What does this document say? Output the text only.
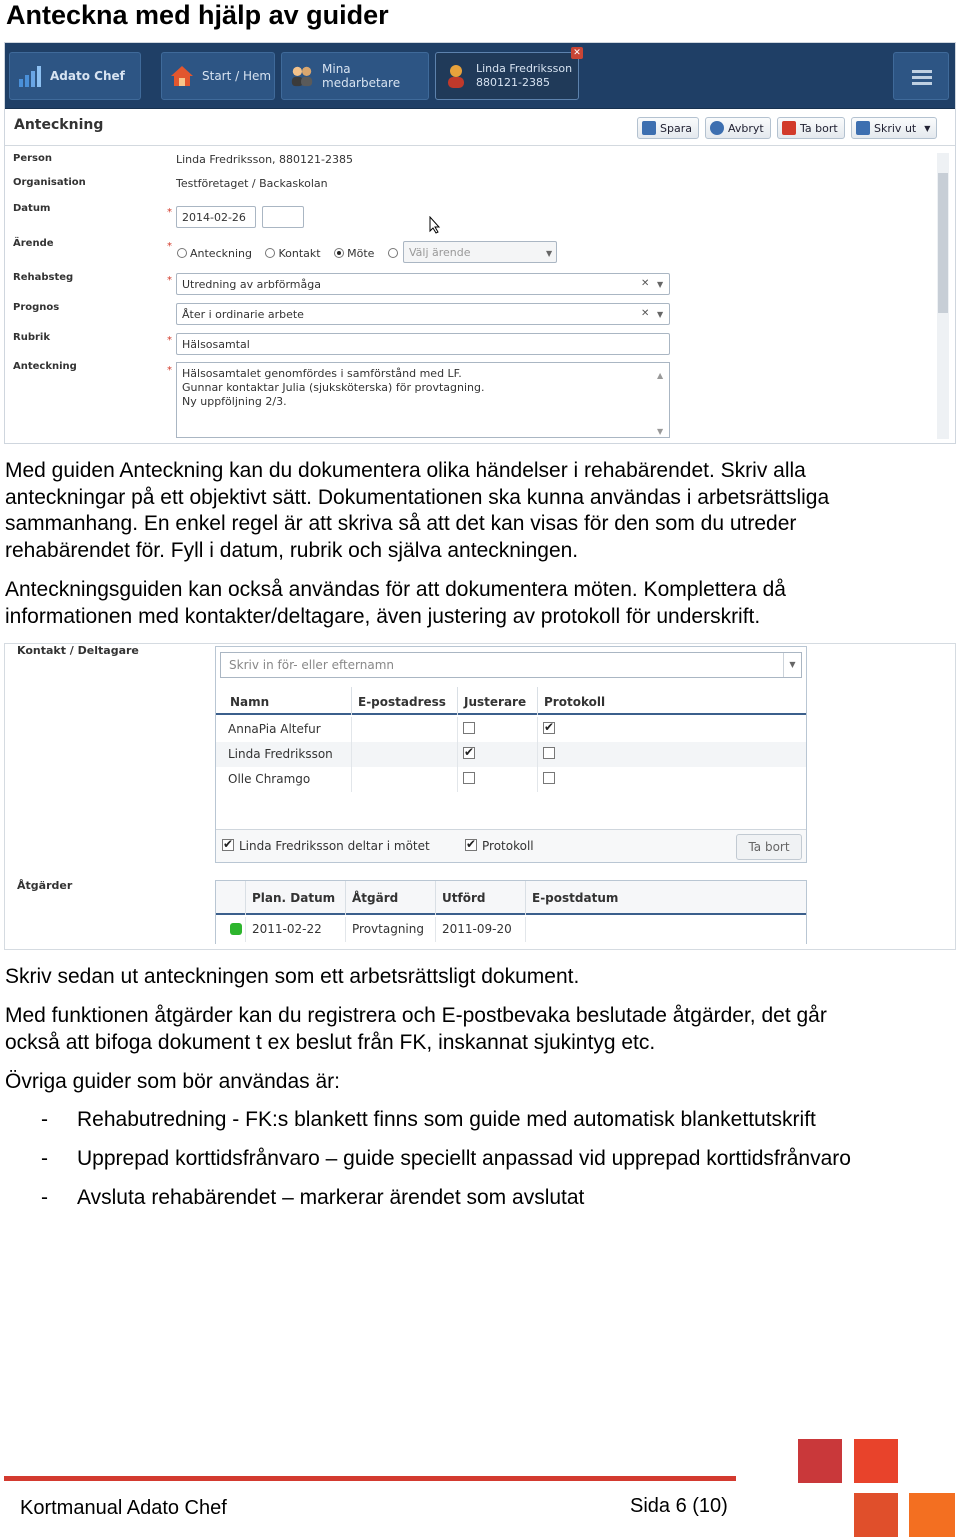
Anteckna med hjälp av guider
Adato Chef	Start / Hem	Mina medarbetare
Linda Fredriksson
880121-2385
✕
Anteckning	Spara	Avbryt	Ta bort	Skriv ut ▼
Person	Linda Fredriksson, 880121-2385
Organisation	Testföretaget / Backaskolan
Datum	* 2014-02-26
Ärende	*
Anteckning Kontakt Möte	Välj ärende	▼
Rehabsteg	* Utredning av arbförmåga	✕ ▼
Prognos
Åter i ordinarie arbete	✕ ▼
Rubrik	* Hälsosamtal
Anteckning	* Hälsosamtalet genomfördes i samförstånd med LF.
Gunnar kontaktar Julia (sjuksköterska) för provtagning.
Ny uppföljning 2/3.
▲

▼
Med guiden Anteckning kan du dokumentera olika händelser i rehabärendet. Skriv alla
anteckningar på ett objektivt sätt. Dokumentationen ska kunna användas i arbetsrättsliga
sammanhang. En enkel regel är att skriva så att det kan visas för den som du utreder
rehabärendet för. Fyll i datum, rubrik och själva anteckningen.
Anteckningsguiden kan också användas för att dokumentera möten. Komplettera då
informationen med kontakter/deltagare, även justering av protokoll för underskrift.
Kontakt / Deltagare
Skriv in för- eller efternamn	▼
Namn	E-postadress	Justerare	Protokoll
AnnaPia Altefur
✔
Linda Fredriksson
✔
Olle Chramgo
✔
Linda Fredriksson deltar i mötet
✔	Protokoll	Ta bort
Åtgärder
Plan. Datum	Åtgärd	Utförd	E-postdatum
2011-02-22	Provtagning	2011-09-20
Skriv sedan ut anteckningen som ett arbetsrättsligt dokument.
Med funktionen åtgärder kan du registrera och E-postbevaka beslutade åtgärder, det går
också att bifoga dokument t ex beslut från FK, inskannat sjukintyg etc.
Övriga guider som bör användas är:
- Rehabutredning - FK:s blankett finns som guide med automatisk blankettutskrift
- Upprepad korttidsfrånvaro – guide speciellt anpassad vid upprepad korttidsfrånvaro
- Avsluta rehabärendet – markerar ärendet som avslutat
Kortmanual Adato Chef	Sida 6 (10)
